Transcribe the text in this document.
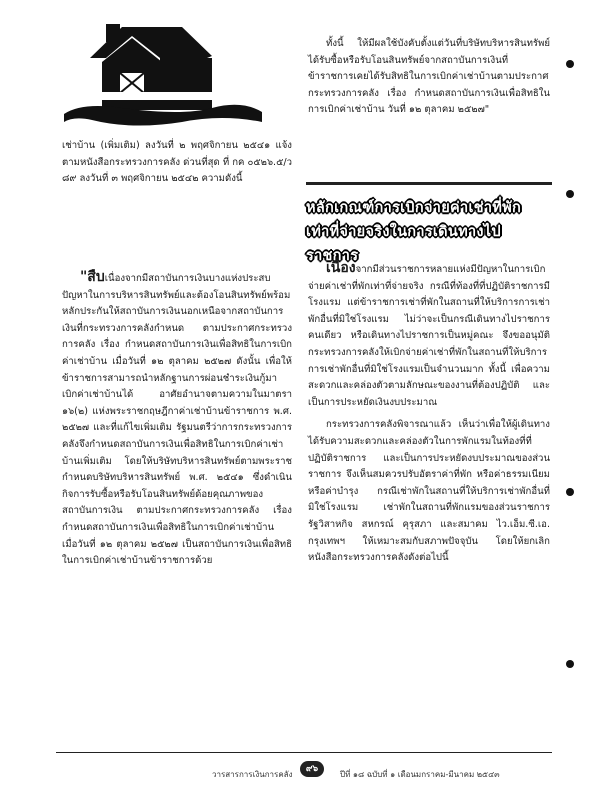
เช่าบ้าน (เพิ่มเติม) ลงวันที่ ๒ พฤศจิกายน ๒๕๔๑ แจ้งตามหนังสือกระทรวงการคลัง ด่วนที่สุด ที่ กค ๐๕๒๖.๕/ว ๘๙ ลงวันที่ ๓ พฤศจิกายน ๒๕๔๒ ความดังนี้

"สืบเนื่องจากมีสถาบันการเงินบางแห่งประสบปัญหาในการบริหารสินทรัพย์และต้องโอนสินทรัพย์พร้อมหลักประกันให้สถาบันการเงินนอกเหนือจากสถาบันการเงินที่กระทรวงการคลังกำหนด ตามประกาศกระทรวงการคลัง เรื่อง กำหนดสถาบันการเงินเพื่อสิทธิในการเบิกค่าเช่าบ้าน เมื่อวันที่ ๑๒ ตุลาคม ๒๕๒๗ ดังนั้น เพื่อให้ข้าราชการสามารถนำหลักฐานการผ่อนชำระเงินกู้มาเบิกค่าเช่าบ้านได้ อาศัยอำนาจตามความในมาตรา ๑๖(๒) แห่งพระราชกฤษฎีกาค่าเช่าบ้านข้าราชการ พ.ศ. ๒๕๒๗ และที่แก้ไขเพิ่มเติม รัฐมนตรีว่าการกระทรวงการคลังจึงกำหนดสถาบันการเงินเพื่อสิทธิในการเบิกค่าเช่าบ้านเพิ่มเติม โดยให้บริษัทบริหารสินทรัพย์ตามพระราชกำหนดบริษัทบริหารสินทรัพย์ พ.ศ. ๒๕๔๑ ซึ่งดำเนินกิจการรับซื้อหรือรับโอนสินทรัพย์ด้อยคุณภาพของสถาบันการเงิน ตามประกาศกระทรวงการคลัง เรื่อง กำหนดสถาบันการเงินเพื่อสิทธิในการเบิกค่าเช่าบ้าน เมื่อวันที่ ๑๒ ตุลาคม ๒๕๒๗ เป็นสถาบันการเงินเพื่อสิทธิในการเบิกค่าเช่าบ้านข้าราชการด้วย

ทั้งนี้ ให้มีผลใช้บังคับตั้งแต่วันที่บริษัทบริหารสินทรัพย์ได้รับซื้อหรือรับโอนสินทรัพย์จากสถาบันการเงินที่ข้าราชการเคยได้รับสิทธิในการเบิกค่าเช่าบ้านตามประกาศกระทรวงการคลัง เรื่อง กำหนดสถาบันการเงินเพื่อสิทธิในการเบิกค่าเช่าบ้าน วันที่ ๑๒ ตุลาคม ๒๕๒๗"

หลักเกณฑ์การเบิกจ่ายค่าเช่าที่พัก
เท่าที่จ่ายจริงในการเดินทางไปราชการ

เนื่องจากมีส่วนราชการหลายแห่งมีปัญหาในการเบิกจ่ายค่าเช่าที่พักเท่าที่จ่ายจริง กรณีที่ท้องที่ที่ปฏิบัติราชการมีโรงแรม แต่ข้าราชการเช่าที่พักในสถานที่ให้บริการการเช่าพักอื่นที่มิใช่โรงแรม ไม่ว่าจะเป็นกรณีเดินทางไปราชการคนเดียว หรือเดินทางไปราชการเป็นหมู่คณะ จึงขออนุมัติกระทรวงการคลังให้เบิกจ่ายค่าเช่าที่พักในสถานที่ให้บริการการเช่าพักอื่นที่มิใช่โรงแรมเป็นจำนวนมาก ทั้งนี้ เพื่อความสะดวกและคล่องตัวตามลักษณะของงานที่ต้องปฏิบัติ และเป็นการประหยัดเงินงบประมาณ

กระทรวงการคลังพิจารณาแล้ว เห็นว่าเพื่อให้ผู้เดินทางได้รับความสะดวกและคล่องตัวในการพักแรมในท้องที่ที่ปฏิบัติราชการ และเป็นการประหยัดงบประมาณของส่วนราชการ จึงเห็นสมควรปรับอัตราค่าที่พัก หรือค่าธรรมเนียมหรือค่าบำรุง กรณีเช่าพักในสถานที่ให้บริการเช่าพักอื่นที่มิใช่โรงแรม เช่าพักในสถานที่พักแรมของส่วนราชการ รัฐวิสาหกิจ สหกรณ์ คุรุสภา และสมาคม ไว.เอ็ม.ซี.เอ. กรุงเทพฯ ให้เหมาะสมกับสภาพปัจจุบัน โดยให้ยกเลิกหนังสือกระทรวงการคลังดังต่อไปนี้

วารสารการเงินการคลัง
๙๖
ปีที่ ๑๘ ฉบับที่ ๑ เดือนมกราคม-มีนาคม ๒๕๔๓
